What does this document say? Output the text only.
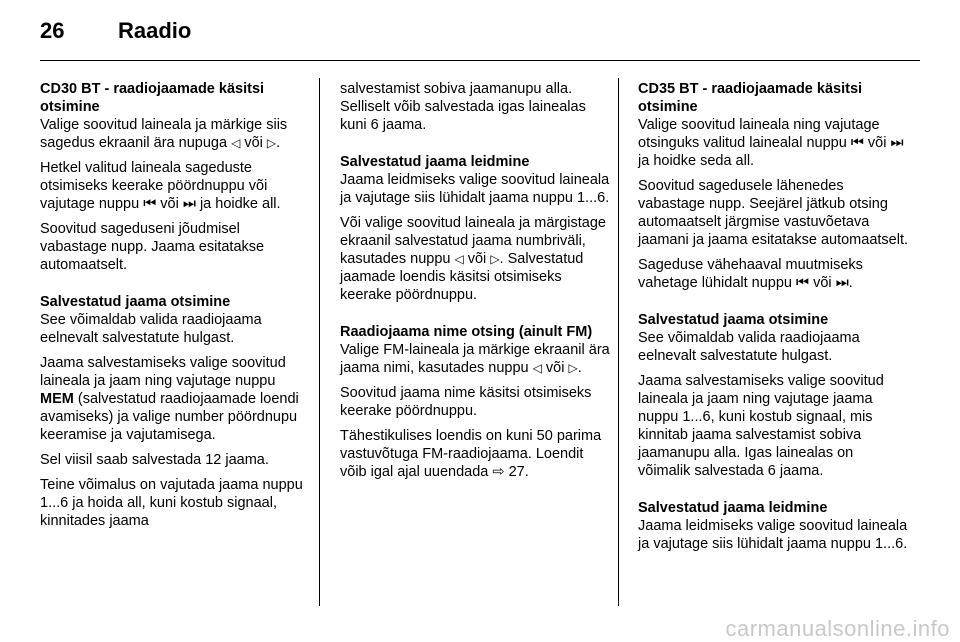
26	Raadio
CD30 BT - raadiojaamade käsitsi otsimine

Valige soovitud laineala ja märkige siis sagedus ekraanil ära nupuga ◁ või ▷.

Hetkel valitud laineala sageduste otsimiseks keerake pöördnuppu või vajutage nuppu ⏮ või ⏭ ja hoidke all.

Soovitud sageduseni jõudmisel vabastage nupp. Jaama esitatakse automaatselt.

Salvestatud jaama otsimine

See võimaldab valida raadiojaama eelnevalt salvestatute hulgast.

Jaama salvestamiseks valige soovitud laineala ja jaam ning vajutage nuppu MEM (salvestatud raadiojaamade loendi avamiseks) ja valige number pöördnupu keeramise ja vajutamisega.

Sel viisil saab salvestada 12 jaama.

Teine võimalus on vajutada jaama nuppu 1...6 ja hoida all, kuni kostub signaal, kinnitades jaama

salvestamist sobiva jaamanupu alla. Selliselt võib salvestada igas lainealas kuni 6 jaama.

Salvestatud jaama leidmine

Jaama leidmiseks valige soovitud laineala ja vajutage siis lühidalt jaama nuppu 1...6.

Või valige soovitud laineala ja märgistage ekraanil salvestatud jaama numbriväli, kasutades nuppu ◁ või ▷. Salvestatud jaamade loendis käsitsi otsimiseks keerake pöördnuppu.

Raadiojaama nime otsing (ainult FM)

Valige FM-laineala ja märkige ekraanil ära jaama nimi, kasutades nuppu ◁ või ▷.

Soovitud jaama nime käsitsi otsimiseks keerake pöördnuppu.

Tähestikulises loendis on kuni 50 parima vastuvõtuga FM-raadiojaama. Loendit võib igal ajal uuendada ⇨ 27.

CD35 BT - raadiojaamade käsitsi otsimine

Valige soovitud laineala ning vajutage otsinguks valitud lainealal nuppu ⏮ või ⏭ ja hoidke seda all.

Soovitud sagedusele lähenedes vabastage nupp. Seejärel jätkub otsing automaatselt järgmise vastuvõetava jaamani ja jaama esitatakse automaatselt.

Sageduse vähehaaval muutmiseks vahetage lühidalt nuppu ⏮ või ⏭.

Salvestatud jaama otsimine

See võimaldab valida raadiojaama eelnevalt salvestatute hulgast.

Jaama salvestamiseks valige soovitud laineala ja jaam ning vajutage jaama nuppu 1...6, kuni kostub signaal, mis kinnitab jaama salvestamist sobiva jaamanupu alla. Igas lainealas on võimalik salvestada 6 jaama.

Salvestatud jaama leidmine

Jaama leidmiseks valige soovitud laineala ja vajutage siis lühidalt jaama nuppu 1...6.

carmanualsonline.info
